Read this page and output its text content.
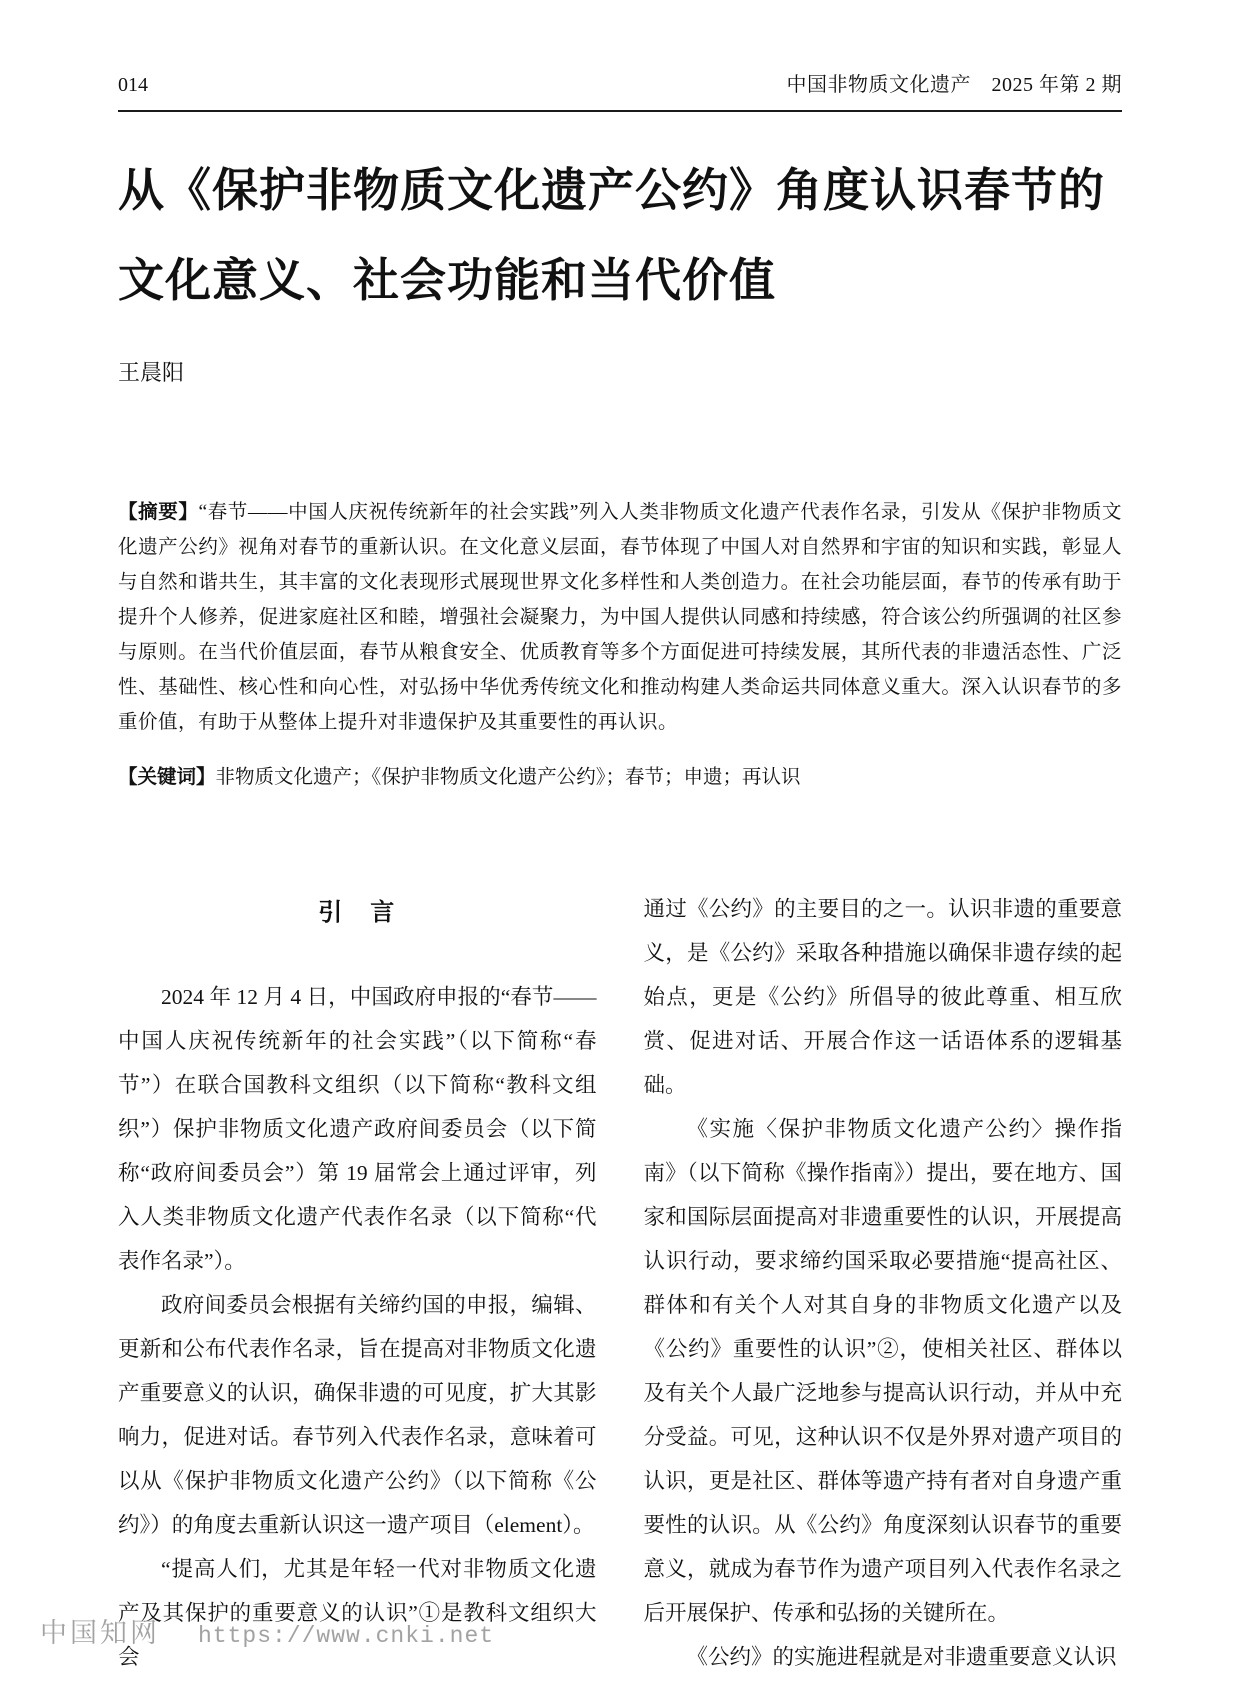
014	中国非物质文化遗产　2025 年第 2 期
从《保护非物质文化遗产公约》角度认识春节的
文化意义、社会功能和当代价值
王晨阳
【摘要】“春节——中国人庆祝传统新年的社会实践”列入人类非物质文化遗产代表作名录，引发从《保护非物质文化遗产公约》视角对春节的重新认识。在文化意义层面，春节体现了中国人对自然界和宇宙的知识和实践，彰显人与自然和谐共生，其丰富的文化表现形式展现世界文化多样性和人类创造力。在社会功能层面，春节的传承有助于提升个人修养，促进家庭社区和睦，增强社会凝聚力，为中国人提供认同感和持续感，符合该公约所强调的社区参与原则。在当代价值层面，春节从粮食安全、优质教育等多个方面促进可持续发展，其所代表的非遗活态性、广泛性、基础性、核心性和向心性，对弘扬中华优秀传统文化和推动构建人类命运共同体意义重大。深入认识春节的多重价值，有助于从整体上提升对非遗保护及其重要性的再认识。
【关键词】非物质文化遗产；《保护非物质文化遗产公约》；春节；申遗；再认识
引　言

2024 年 12 月 4 日，中国政府申报的“春节——中国人庆祝传统新年的社会实践”（以下简称“春节”）在联合国教科文组织（以下简称“教科文组织”）保护非物质文化遗产政府间委员会（以下简称“政府间委员会”）第 19 届常会上通过评审，列入人类非物质文化遗产代表作名录（以下简称“代表作名录”）。

政府间委员会根据有关缔约国的申报，编辑、更新和公布代表作名录，旨在提高对非物质文化遗产重要意义的认识，确保非遗的可见度，扩大其影响力，促进对话。春节列入代表作名录，意味着可以从《保护非物质文化遗产公约》（以下简称《公约》）的角度去重新认识这一遗产项目（element）。

“提高人们，尤其是年轻一代对非物质文化遗产及其保护的重要意义的认识”①是教科文组织大会

通过《公约》的主要目的之一。认识非遗的重要意义，是《公约》采取各种措施以确保非遗存续的起始点，更是《公约》所倡导的彼此尊重、相互欣赏、促进对话、开展合作这一话语体系的逻辑基础。

《实施〈保护非物质文化遗产公约〉操作指南》（以下简称《操作指南》）提出，要在地方、国家和国际层面提高对非遗重要性的认识，开展提高认识行动，要求缔约国采取必要措施“提高社区、群体和有关个人对其自身的非物质文化遗产以及《公约》重要性的认识”②，使相关社区、群体以及有关个人最广泛地参与提高认识行动，并从中充分受益。可见，这种认识不仅是外界对遗产项目的认识，更是社区、群体等遗产持有者对自身遗产重要性的认识。从《公约》角度深刻认识春节的重要意义，就成为春节作为遗产项目列入代表作名录之后开展保护、传承和弘扬的关键所在。

《公约》的实施进程就是对非遗重要意义认识

中国知网 https://www.cnki.net
